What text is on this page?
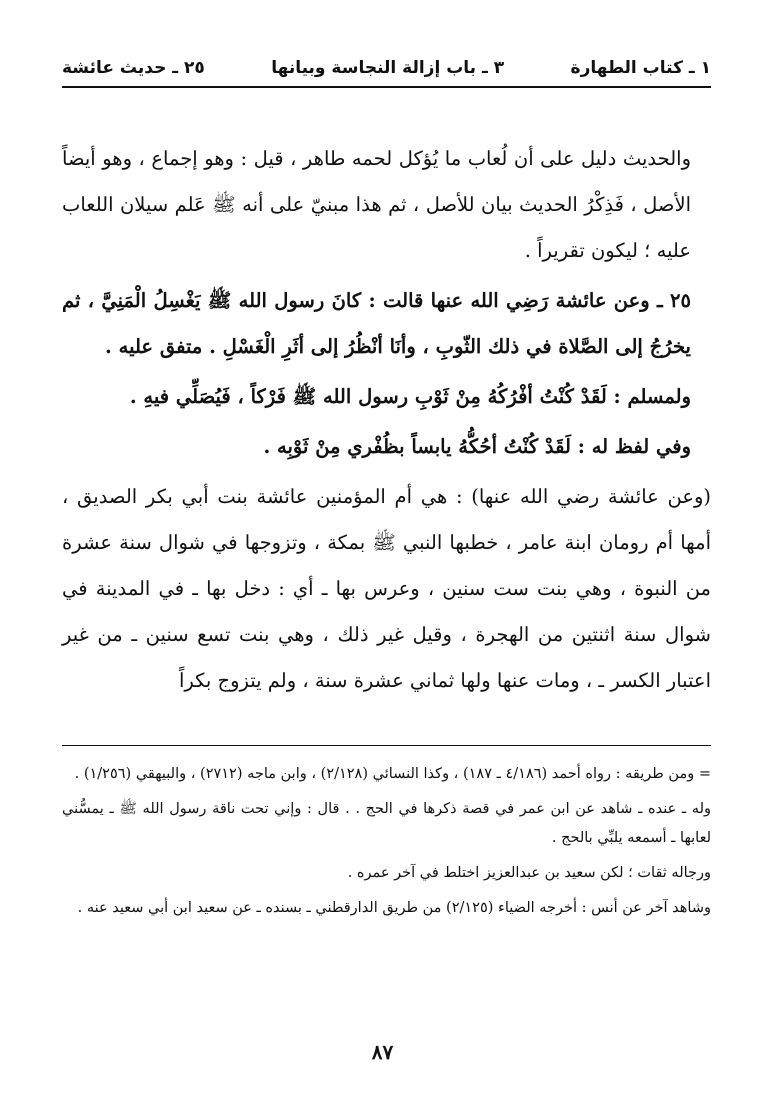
١ ـ كتاب الطهارة
٣ ـ باب إزالة النجاسة وبيانها
٢٥ ـ حديث عائشة

والحديث دليل على أن لُعاب ما يُؤكل لحمه طاهر ، قيل : وهو إجماع ، وهو أيضاً الأصل ، فَذِكْرُ الحديث بيان للأصل ، ثم هذا مبنيّ على أنه ﷺ عَلم سيلان اللعاب عليه ؛ ليكون تقريراً .

٢٥ ـ وعن عائشة رَضِي الله عنها قالت : كانَ رسول الله ﷺ يَغْسِلُ الْمَنِيَّ ، ثم يخرُجُ إلى الصَّلاة في ذلك الثّوبِ ، وأنَا أنْظُرُ إلى أثَرِ الْغَسْلِ . متفق عليه .

ولمسلم : لَقَدْ كُنْتُ أفْرُكُهُ مِنْ ثَوْبِ رسول الله ﷺ فَرْكاً ، فَيُصَلِّي فيهِ .

وفي لفظ له : لَقَدْ كُنْتُ أحُكُّهُ يابساً بظُفْري مِنْ ثَوْبِه .

(وعن عائشة رضي الله عنها) : هي أم المؤمنين عائشة بنت أبي بكر الصديق ، أمها أم رومان ابنة عامر ، خطبها النبي ﷺ بمكة ، وتزوجها في شوال سنة عشرة من النبوة ، وهي بنت ست سنين ، وعرس بها ـ أي : دخل بها ـ في المدينة في شوال سنة اثنتين من الهجرة ، وقيل غير ذلك ، وهي بنت تسع سنين ـ من غير اعتبار الكسر ـ ، ومات عنها ولها ثماني عشرة سنة ، ولم يتزوج بكراً

= ومن طريقه : رواه أحمد (٤/١٨٦ ـ ١٨٧) ، وكذا النسائي (٢/١٢٨) ، وابن ماجه (٢٧١٢) ، والبيهقي (١/٢٥٦) .

وله ـ عنده ـ شاهد عن ابن عمر في قصة ذكرها في الحج . . قال : وإني تحت ناقة رسول الله ﷺ ـ يمسُّني لعابها ـ أسمعه يلبِّي بالحج .

ورجاله ثقات ؛ لكن سعيد بن عبدالعزيز اختلط في آخر عمره .

وشاهد آخر عن أنس : أخرجه الضياء (٢/١٢٥) من طريق الدارقطني ـ بسنده ـ عن سعيد ابن أبي سعيد عنه .

٨٧
